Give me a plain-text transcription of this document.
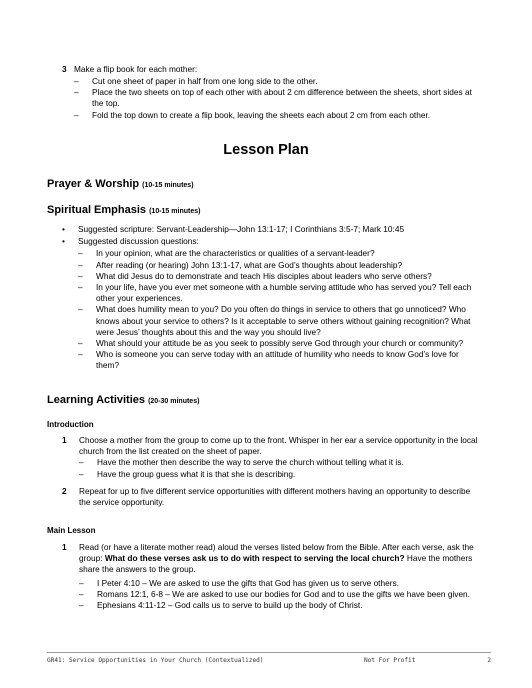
3 Make a flip book for each mother:
– Cut one sheet of paper in half from one long side to the other.
– Place the two sheets on top of each other with about 2 cm difference between the sheets, short sides at the top.
– Fold the top down to create a flip book, leaving the sheets each about 2 cm from each other.
Lesson Plan
Prayer & Worship (10-15 minutes)
Spiritual Emphasis (10-15 minutes)
• Suggested scripture: Servant-Leadership—John 13:1-17; I Corinthians 3:5-7; Mark 10:45
• Suggested discussion questions:
– In your opinion, what are the characteristics or qualities of a servant-leader?
– After reading (or hearing) John 13:1-17, what are God’s thoughts about leadership?
– What did Jesus do to demonstrate and teach His disciples about leaders who serve others?
– In your life, have you ever met someone with a humble serving attitude who has served you? Tell each other your experiences.
– What does humility mean to you? Do you often do things in service to others that go unnoticed? Who knows about your service to others? Is it acceptable to serve others without gaining recognition? What were Jesus’ thoughts about this and the way you should live?
– What should your attitude be as you seek to possibly serve God through your church or community?
– Who is someone you can serve today with an attitude of humility who needs to know God’s love for them?
Learning Activities (20-30 minutes)
Introduction
1 Choose a mother from the group to come up to the front. Whisper in her ear a service opportunity in the local church from the list created on the sheet of paper.
– Have the mother then describe the way to serve the church without telling what it is.
– Have the group guess what it is that she is describing.
2 Repeat for up to five different service opportunities with different mothers having an opportunity to describe the service opportunity.
Main Lesson
1 Read (or have a literate mother read) aloud the verses listed below from the Bible. After each verse, ask the group: What do these verses ask us to do with respect to serving the local church? Have the mothers share the answers to the group.
– I Peter 4:10 – We are asked to use the gifts that God has given us to serve others.
– Romans 12:1, 6-8 – We are asked to use our bodies for God and to use the gifts we have been given.
– Ephesians 4:11-12 – God calls us to serve to build up the body of Christ.
GR41: Service Opportunities in Your Church (Contextualized)	Not For Profit	2
